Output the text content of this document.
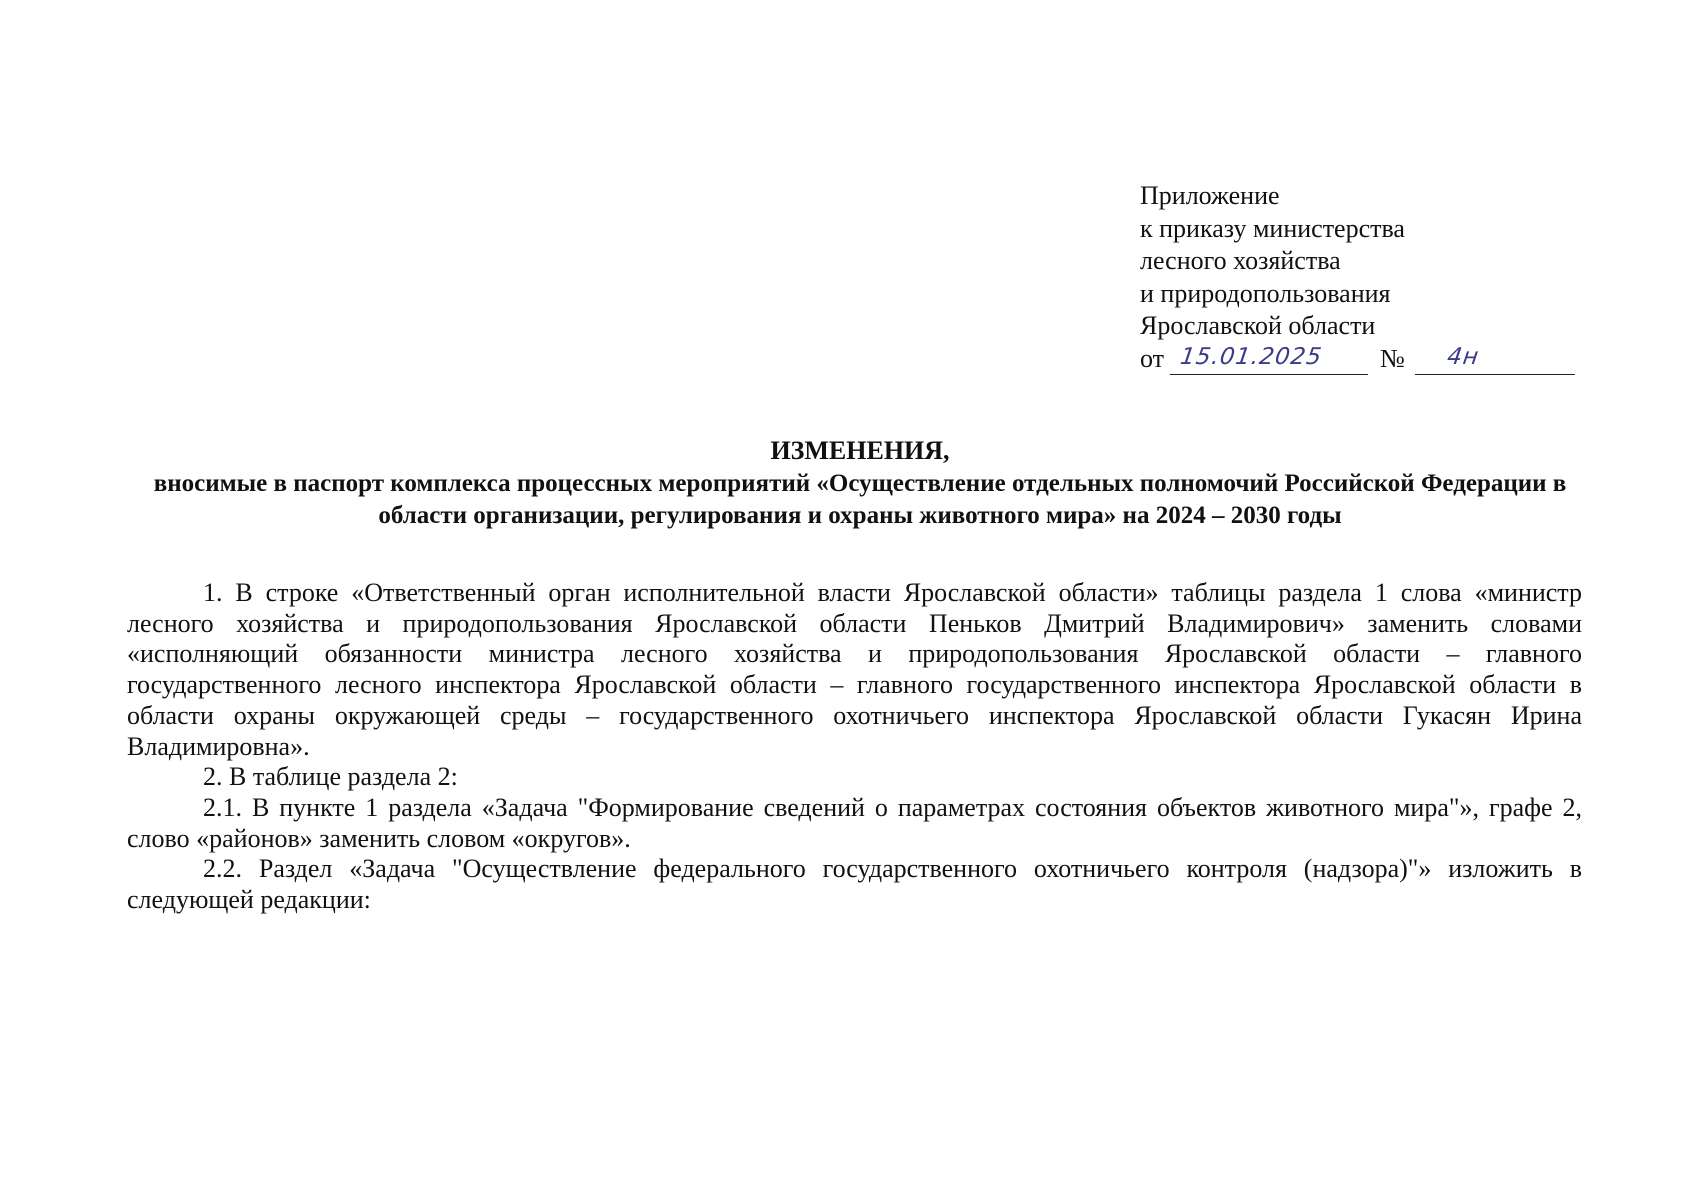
Приложение
к приказу министерства
лесного хозяйства
и природопользования
Ярославской области
от 15.01.2025	№	4н
ИЗМЕНЕНИЯ,
вносимые в паспорт комплекса процессных мероприятий «Осуществление отдельных полномочий Российской Федерации в области организации, регулирования и охраны животного мира» на 2024 – 2030 годы

1. В строке «Ответственный орган исполнительной власти Ярославской области» таблицы раздела 1 слова «министр лесного хозяйства и природопользования Ярославской области Пеньков Дмитрий Владимирович» заменить словами «исполняющий обязанности министра лесного хозяйства и природопользования Ярославской области – главного государственного лесного инспектора Ярославской области – главного государственного инспектора Ярославской области в области охраны окружающей среды – государственного охотничьего инспектора Ярославской области Гукасян Ирина Владимировна».

2. В таблице раздела 2:

2.1. В пункте 1 раздела «Задача "Формирование сведений о параметрах состояния объектов животного мира"», графе 2, слово «районов» заменить словом «округов».

2.2. Раздел «Задача "Осуществление федерального государственного охотничьего контроля (надзора)"» изложить в следующей редакции:
